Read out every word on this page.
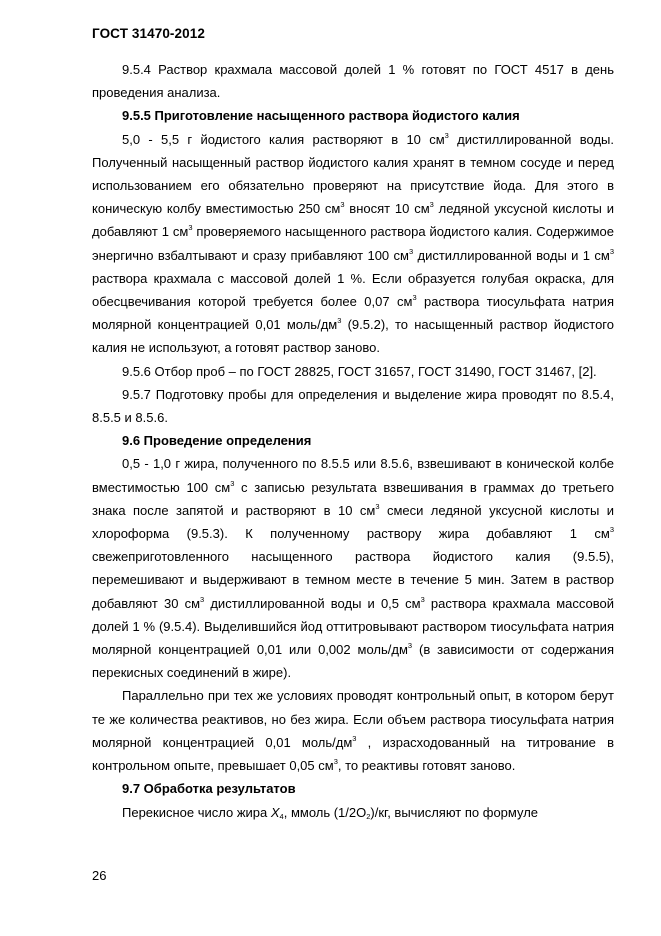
ГОСТ 31470-2012

9.5.4 Раствор крахмала массовой долей 1 % готовят по ГОСТ 4517 в день проведения анализа.

9.5.5 Приготовление насыщенного раствора йодистого калия

5,0 - 5,5 г йодистого калия растворяют в 10 $см^3$ дистиллированной воды. Полученный насыщенный раствор йодистого калия хранят в темном сосуде и перед использованием его обязательно проверяют на присутствие йода. Для этого в коническую колбу вместимостью 250 $см^3$ вносят 10 $см^3$ ледяной уксусной кислоты и добавляют 1 $см^3$ проверяемого насыщенного раствора йодистого калия. Содержимое энергично взбалтывают и сразу прибавляют 100 $см^3$ дистиллированной воды и 1 $см^3$ раствора крахмала с массовой долей 1 %. Если образуется голубая окраска, для обесцвечивания которой требуется более 0,07 $см^3$ раствора тиосульфата натрия молярной концентрацией 0,01 моль/$дм^3$ (9.5.2), то насыщенный раствор йодистого калия не используют, а готовят раствор заново.

9.5.6 Отбор проб – по ГОСТ 28825, ГОСТ 31657, ГОСТ 31490, ГОСТ 31467, [2].

9.5.7 Подготовку пробы для определения и выделение жира проводят по 8.5.4, 8.5.5 и 8.5.6.

9.6 Проведение определения

0,5 - 1,0 г жира, полученного по 8.5.5 или 8.5.6, взвешивают в конической колбе вместимостью 100 $см^3$ с записью результата взвешивания в граммах до третьего знака после запятой и растворяют в 10 $см^3$ смеси ледяной уксусной кислоты и хлороформа (9.5.3). К полученному раствору жира добавляют 1 $см^3$ свежеприготовленного насыщенного раствора йодистого калия (9.5.5), перемешивают и выдерживают в темном месте в течение 5 мин. Затем в раствор добавляют 30 $см^3$ дистиллированной воды и 0,5 $см^3$ раствора крахмала массовой долей 1 % (9.5.4). Выделившийся йод оттитровывают раствором тиосульфата натрия молярной концентрацией 0,01 или 0,002 моль/$дм^3$ (в зависимости от содержания перекисных соединений в жире).

Параллельно при тех же условиях проводят контрольный опыт, в котором берут те же количества реактивов, но без жира. Если объем раствора тиосульфата натрия молярной концентрацией 0,01 моль/$дм^3$ , израсходованный на титрование в контрольном опыте, превышает 0,05 $см^3$, то реактивы готовят заново.

9.7 Обработка результатов

Перекисное число жира $X_4$, ммоль $(1/2O_2)/кг$, вычисляют по формуле

26
